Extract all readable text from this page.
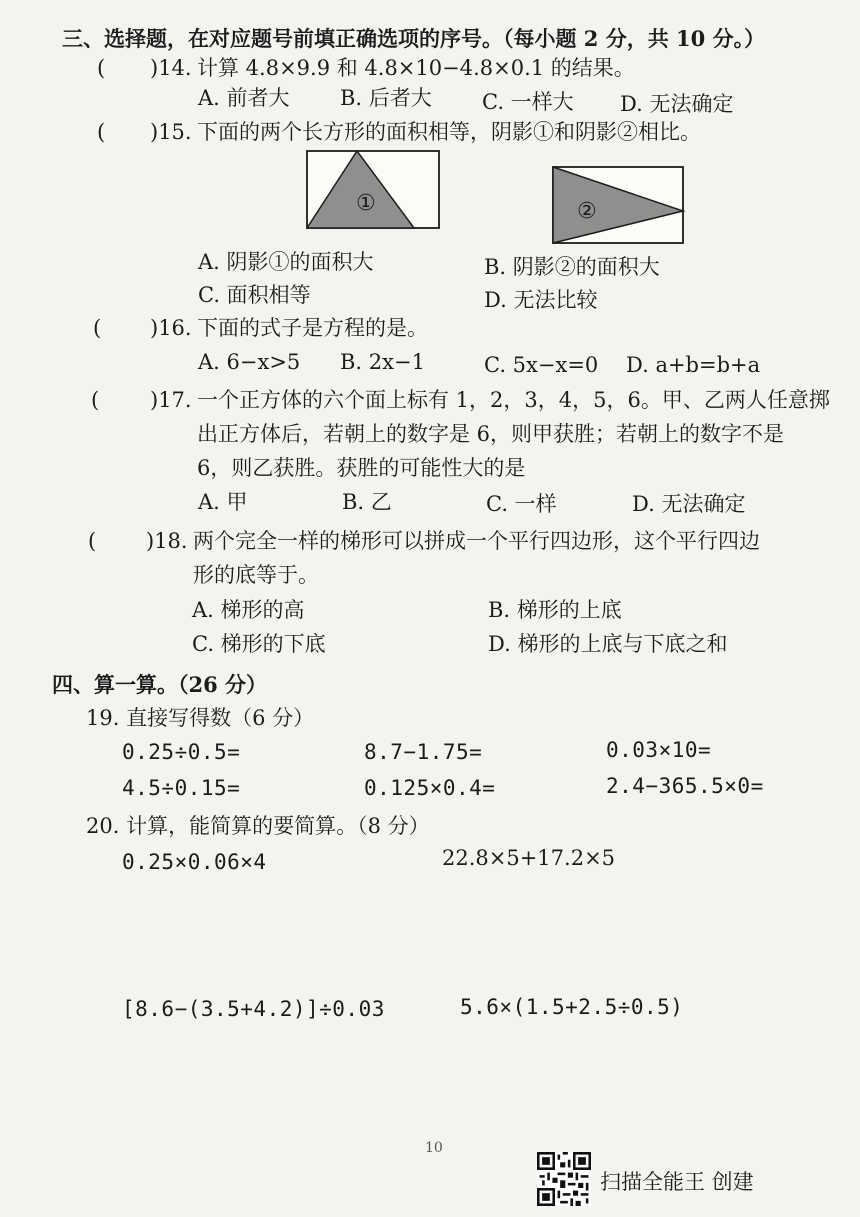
三、选择题，在对应题号前填正确选项的序号。（每小题 2 分，共 10 分。）
( )14. 计算 4.8×9.9 和 4.8×10−4.8×0.1 的结果。
A. 前者大 B. 后者大 C. 一样大 D. 无法确定
( )15. 下面的两个长方形的面积相等，阴影①和阴影②相比。
①	②
A. 阴影①的面积大	B. 阴影②的面积大
C. 面积相等	D. 无法比较
( )16. 下面的式子是方程的是。
A. 6−x>5 B. 2x−1	C. 5x−x=0 D. a+b=b+a
( )17. 一个正方体的六个面上标有 1，2，3，4，5，6。甲、乙两人任意掷
出正方体后，若朝上的数字是 6，则甲获胜；若朝上的数字不是
6，则乙获胜。获胜的可能性大的是
A. 甲	B. 乙	C. 一样	D. 无法确定
( )18. 两个完全一样的梯形可以拼成一个平行四边形，这个平行四边
形的底等于。
A. 梯形的高	B. 梯形的上底
C. 梯形的下底	D. 梯形的上底与下底之和
四、算一算。（26 分）
19. 直接写得数（6 分）
0.25÷0.5=	8.7−1.75=	0.03×10=
4.5÷0.15=	0.125×0.4=	2.4−365.5×0=
20. 计算，能简算的要简算。（8 分）
0.25×0.06×4	22.8×5+17.2×5
[8.6−(3.5+4.2)]÷0.03	5.6×(1.5+2.5÷0.5)
10
扫描全能王 创建
